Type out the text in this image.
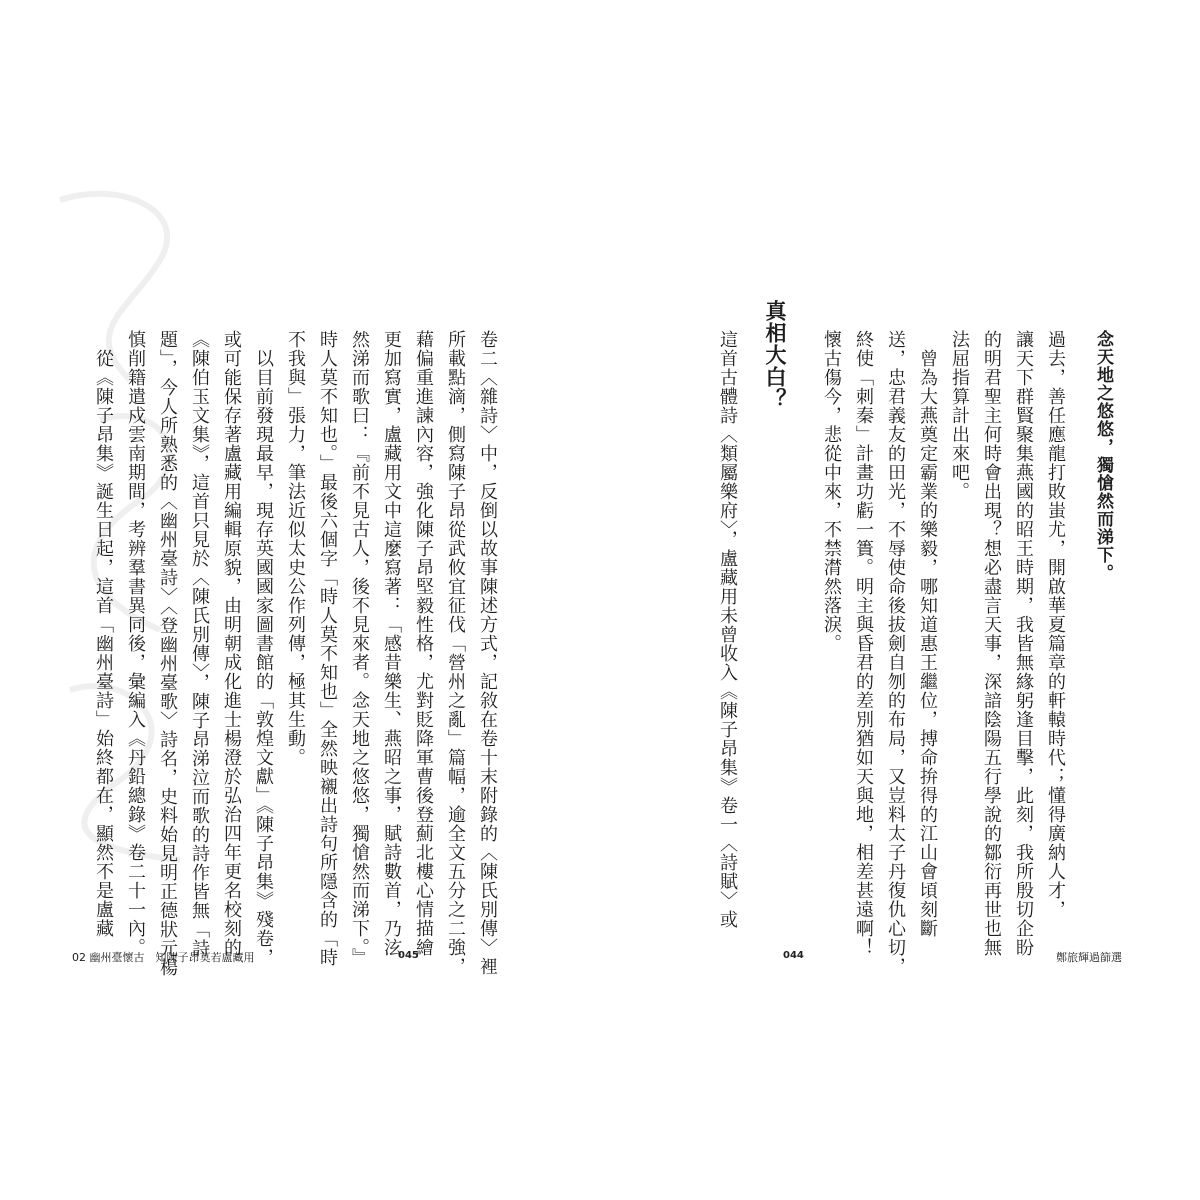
卷二〈雜詩〉中，反倒以故事陳述方式，記敘在卷十末附錄的〈陳氏別傳〉裡
所載點滴，側寫陳子昂從武攸宜征伐「營州之亂」篇幅，逾全文五分之二強，
藉偏重進諫內容，強化陳子昂堅毅性格，尤對貶降軍曹後登薊北樓心情描繪
更加寫實，盧藏用文中這麼寫著：「感昔樂生、燕昭之事，賦詩數首，乃泫
然涕而歌曰：『前不見古人，後不見來者。念天地之悠悠，獨愴然而涕下。』
時人莫不知也。」最後六個字「時人莫不知也」全然映襯出詩句所隱含的「時
不我與」張力，筆法近似太史公作列傳，極其生動。
　以目前發現最早，現存英國國家圖書館的「敦煌文獻」《陳子昂集》殘卷，
或可能保存著盧藏用編輯原貌，由明朝成化進士楊澄於弘治四年更名校刻的
《陳伯玉文集》，這首只見於〈陳氏別傳〉，陳子昂涕泣而歌的詩作皆無「詩
題」，今人所熟悉的〈幽州臺詩〉〈登幽州臺歌〉詩名，史料始見明正德狀元楊
慎削籍遣戍雲南期間，考辨羣書異同後，彙編入《丹鉛總錄》卷二十一內。
　從《陳子昂集》誕生日起，這首「幽州臺詩」始終都在，顯然不是盧藏
02 幽州臺懷古　知陳子昂莫若盧藏用	045
念天地之悠悠，獨愴然而涕下。
過去，善任應龍打敗蚩尤，開啟華夏篇章的軒轅時代；懂得廣納人才，
讓天下群賢聚集燕國的昭王時期，我皆無緣躬逢目擊，此刻，我所殷切企盼
的明君聖主何時會出現？想必盡言天事，深諳陰陽五行學說的鄒衍再世也無
法屈指算計出來吧。
　曾為大燕奠定霸業的樂毅，哪知道惠王繼位，搏命拚得的江山會頃刻斷
送，忠君義友的田光，不辱使命後拔劍自刎的布局，又豈料太子丹復仇心切，
終使「刺秦」計畫功虧一簣。明主與昏君的差別猶如天與地，相差甚遠啊！
懷古傷今，悲從中來，不禁潸然落淚。
真相大白？
這首古體詩〈類屬樂府〉，盧藏用未曾收入《陳子昂集》卷一〈詩賦〉或
044	鄭旅輝過篩選
